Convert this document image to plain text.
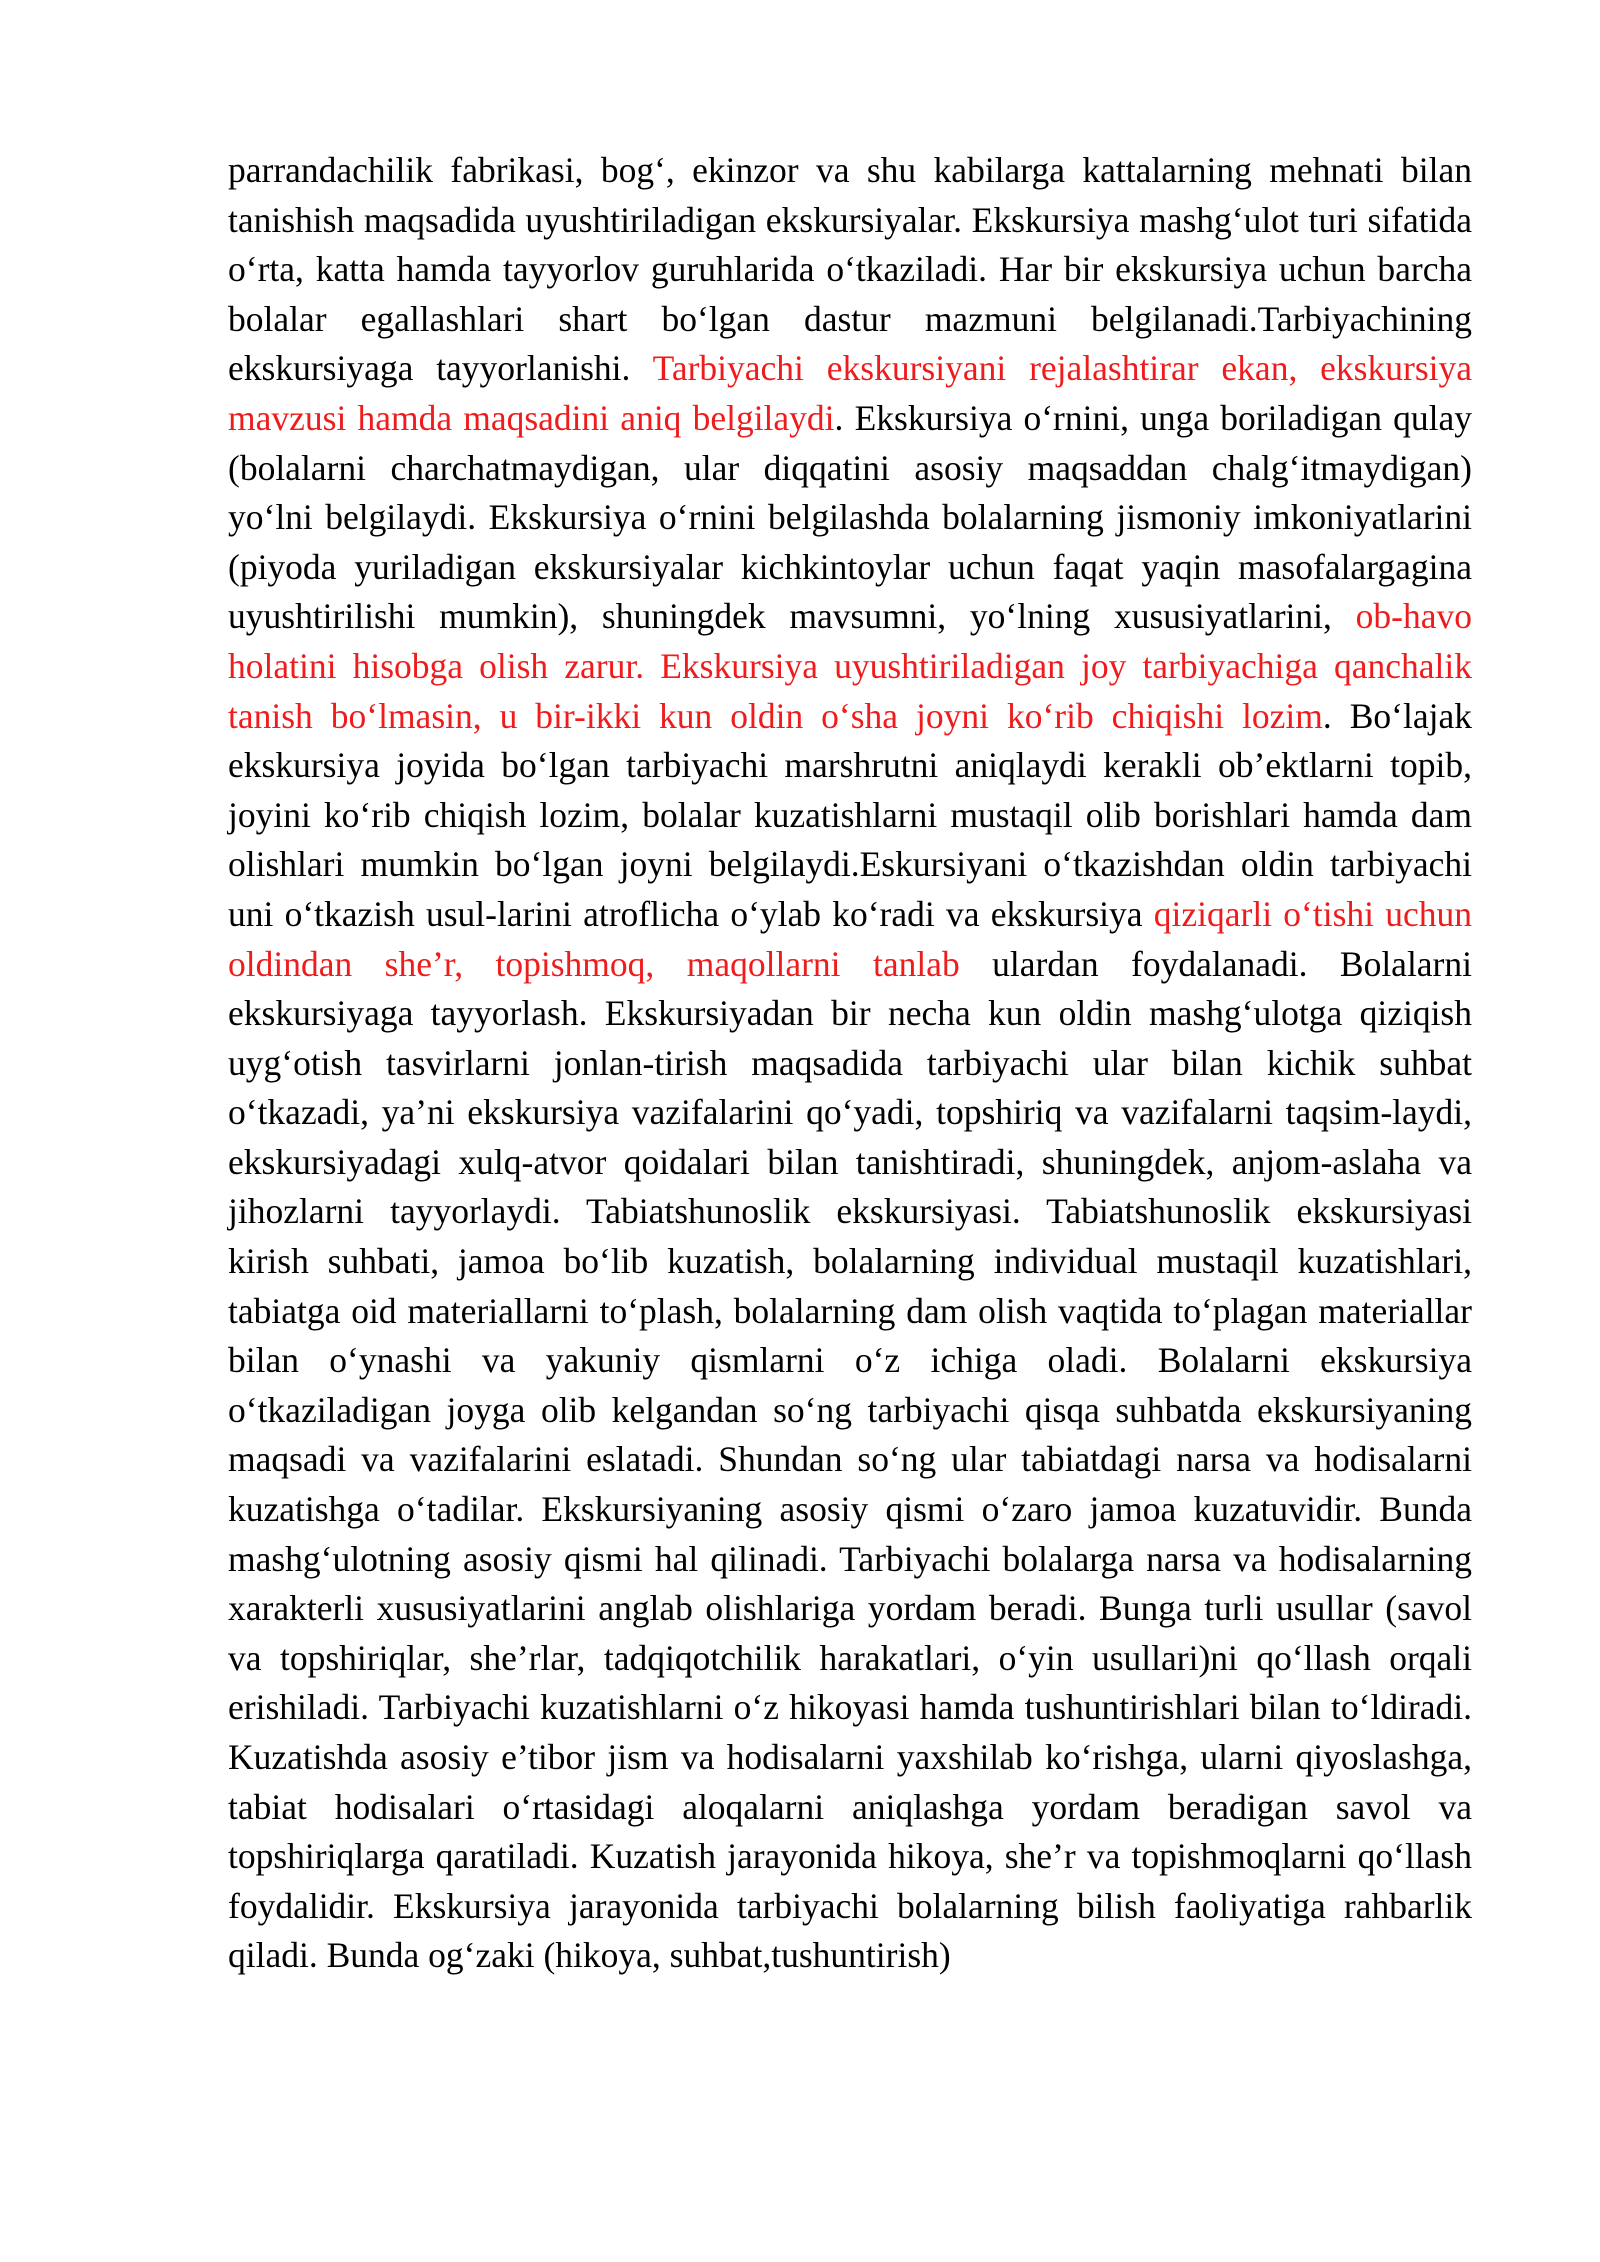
parrandachilik fabrikasi, bog‘, ekinzor va shu kabilarga kattalarning mehnati bilan tanishish maqsadida uyushtiriladigan ekskursiyalar. Ekskursiya mashg‘ulot turi sifatida o‘rta, katta hamda tayyorlov guruhlarida o‘tkaziladi. Har bir ekskursiya uchun barcha bolalar egallashlari shart bo‘lgan dastur mazmuni belgilanadi.Tarbiyachining ekskursiyaga tayyorlanishi. Tarbiyachi ekskursiyani rejalashtirar ekan, ekskursiya mavzusi hamda maqsadini aniq belgilaydi. Ekskursiya o‘rnini, unga boriladigan qulay (bolalarni charchatmaydigan, ular diqqatini asosiy maqsaddan chalg‘itmaydigan) yo‘lni belgilaydi. Ekskursiya o‘rnini belgilashda bolalarning jismoniy imkoniyatlarini (piyoda yuriladigan ekskursiyalar kichkintoylar uchun faqat yaqin masofalargagina uyushtirilishi mumkin), shuningdek mavsumni, yo‘lning xususiyatlarini, ob-havo holatini hisobga olish zarur. Ekskursiya uyushtiriladigan joy tarbiyachiga qanchalik tanish bo‘lmasin, u bir-ikki kun oldin o‘sha joyni ko‘rib chiqishi lozim. Bo‘lajak ekskursiya joyida bo‘lgan tarbiyachi marshrutni aniqlaydi kerakli ob’ektlarni topib, joyini ko‘rib chiqish lozim, bolalar kuzatishlarni mustaqil olib borishlari hamda dam olishlari mumkin bo‘lgan joyni belgilaydi.Eskursiyani o‘tkazishdan oldin tarbiyachi uni o‘tkazish usul-larini atroflicha o‘ylab ko‘radi va ekskursiya qiziqarli o‘tishi uchun oldindan she’r, topishmoq, maqollarni tanlab ulardan foydalanadi. Bolalarni ekskursiyaga tayyorlash. Ekskursiyadan bir necha kun oldin mashg‘ulotga qiziqish uyg‘otish tasvirlarni jonlan-tirish maqsadida tarbiyachi ular bilan kichik suhbat o‘tkazadi, ya’ni ekskursiya vazifalarini qo‘yadi, topshiriq va vazifalarni taqsim-laydi, ekskursiyadagi xulq-atvor qoidalari bilan tanishtiradi, shuningdek, anjom-aslaha va jihozlarni tayyorlaydi. Tabiatshunoslik ekskursiyasi. Tabiatshunoslik ekskursiyasi kirish suhbati, jamoa bo‘lib kuzatish, bolalarning individual mustaqil kuzatishlari, tabiatga oid materiallarni to‘plash, bolalarning dam olish vaqtida to‘plagan materiallar bilan o‘ynashi va yakuniy qismlarni o‘z ichiga oladi. Bolalarni ekskursiya o‘tkaziladigan joyga olib kelgandan so‘ng tarbiyachi qisqa suhbatda ekskursiyaning maqsadi va vazifalarini eslatadi. Shundan so‘ng ular tabiatdagi narsa va hodisalarni kuzatishga o‘tadilar. Ekskursiyaning asosiy qismi o‘zaro jamoa kuzatuvidir. Bunda mashg‘ulotning asosiy qismi hal qilinadi. Tarbiyachi bolalarga narsa va hodisalarning xarakterli xususiyatlarini anglab olishlariga yordam beradi. Bunga turli usullar (savol va topshiriqlar, she’rlar, tadqiqotchilik harakatlari, o‘yin usullari)ni qo‘llash orqali erishiladi. Tarbiyachi kuzatishlarni o‘z hikoyasi hamda tushuntirishlari bilan to‘ldiradi. Kuzatishda asosiy e’tibor jism va hodisalarni yaxshilab ko‘rishga, ularni qiyoslashga, tabiat hodisalari o‘rtasidagi aloqalarni aniqlashga yordam beradigan savol va topshiriqlarga qaratiladi. Kuzatish jarayonida hikoya, she’r va topishmoqlarni qo‘llash foydalidir. Ekskursiya jarayonida tarbiyachi bolalarning bilish faoliyatiga rahbarlik qiladi. Bunda og‘zaki (hikoya, suhbat,tushuntirish)
